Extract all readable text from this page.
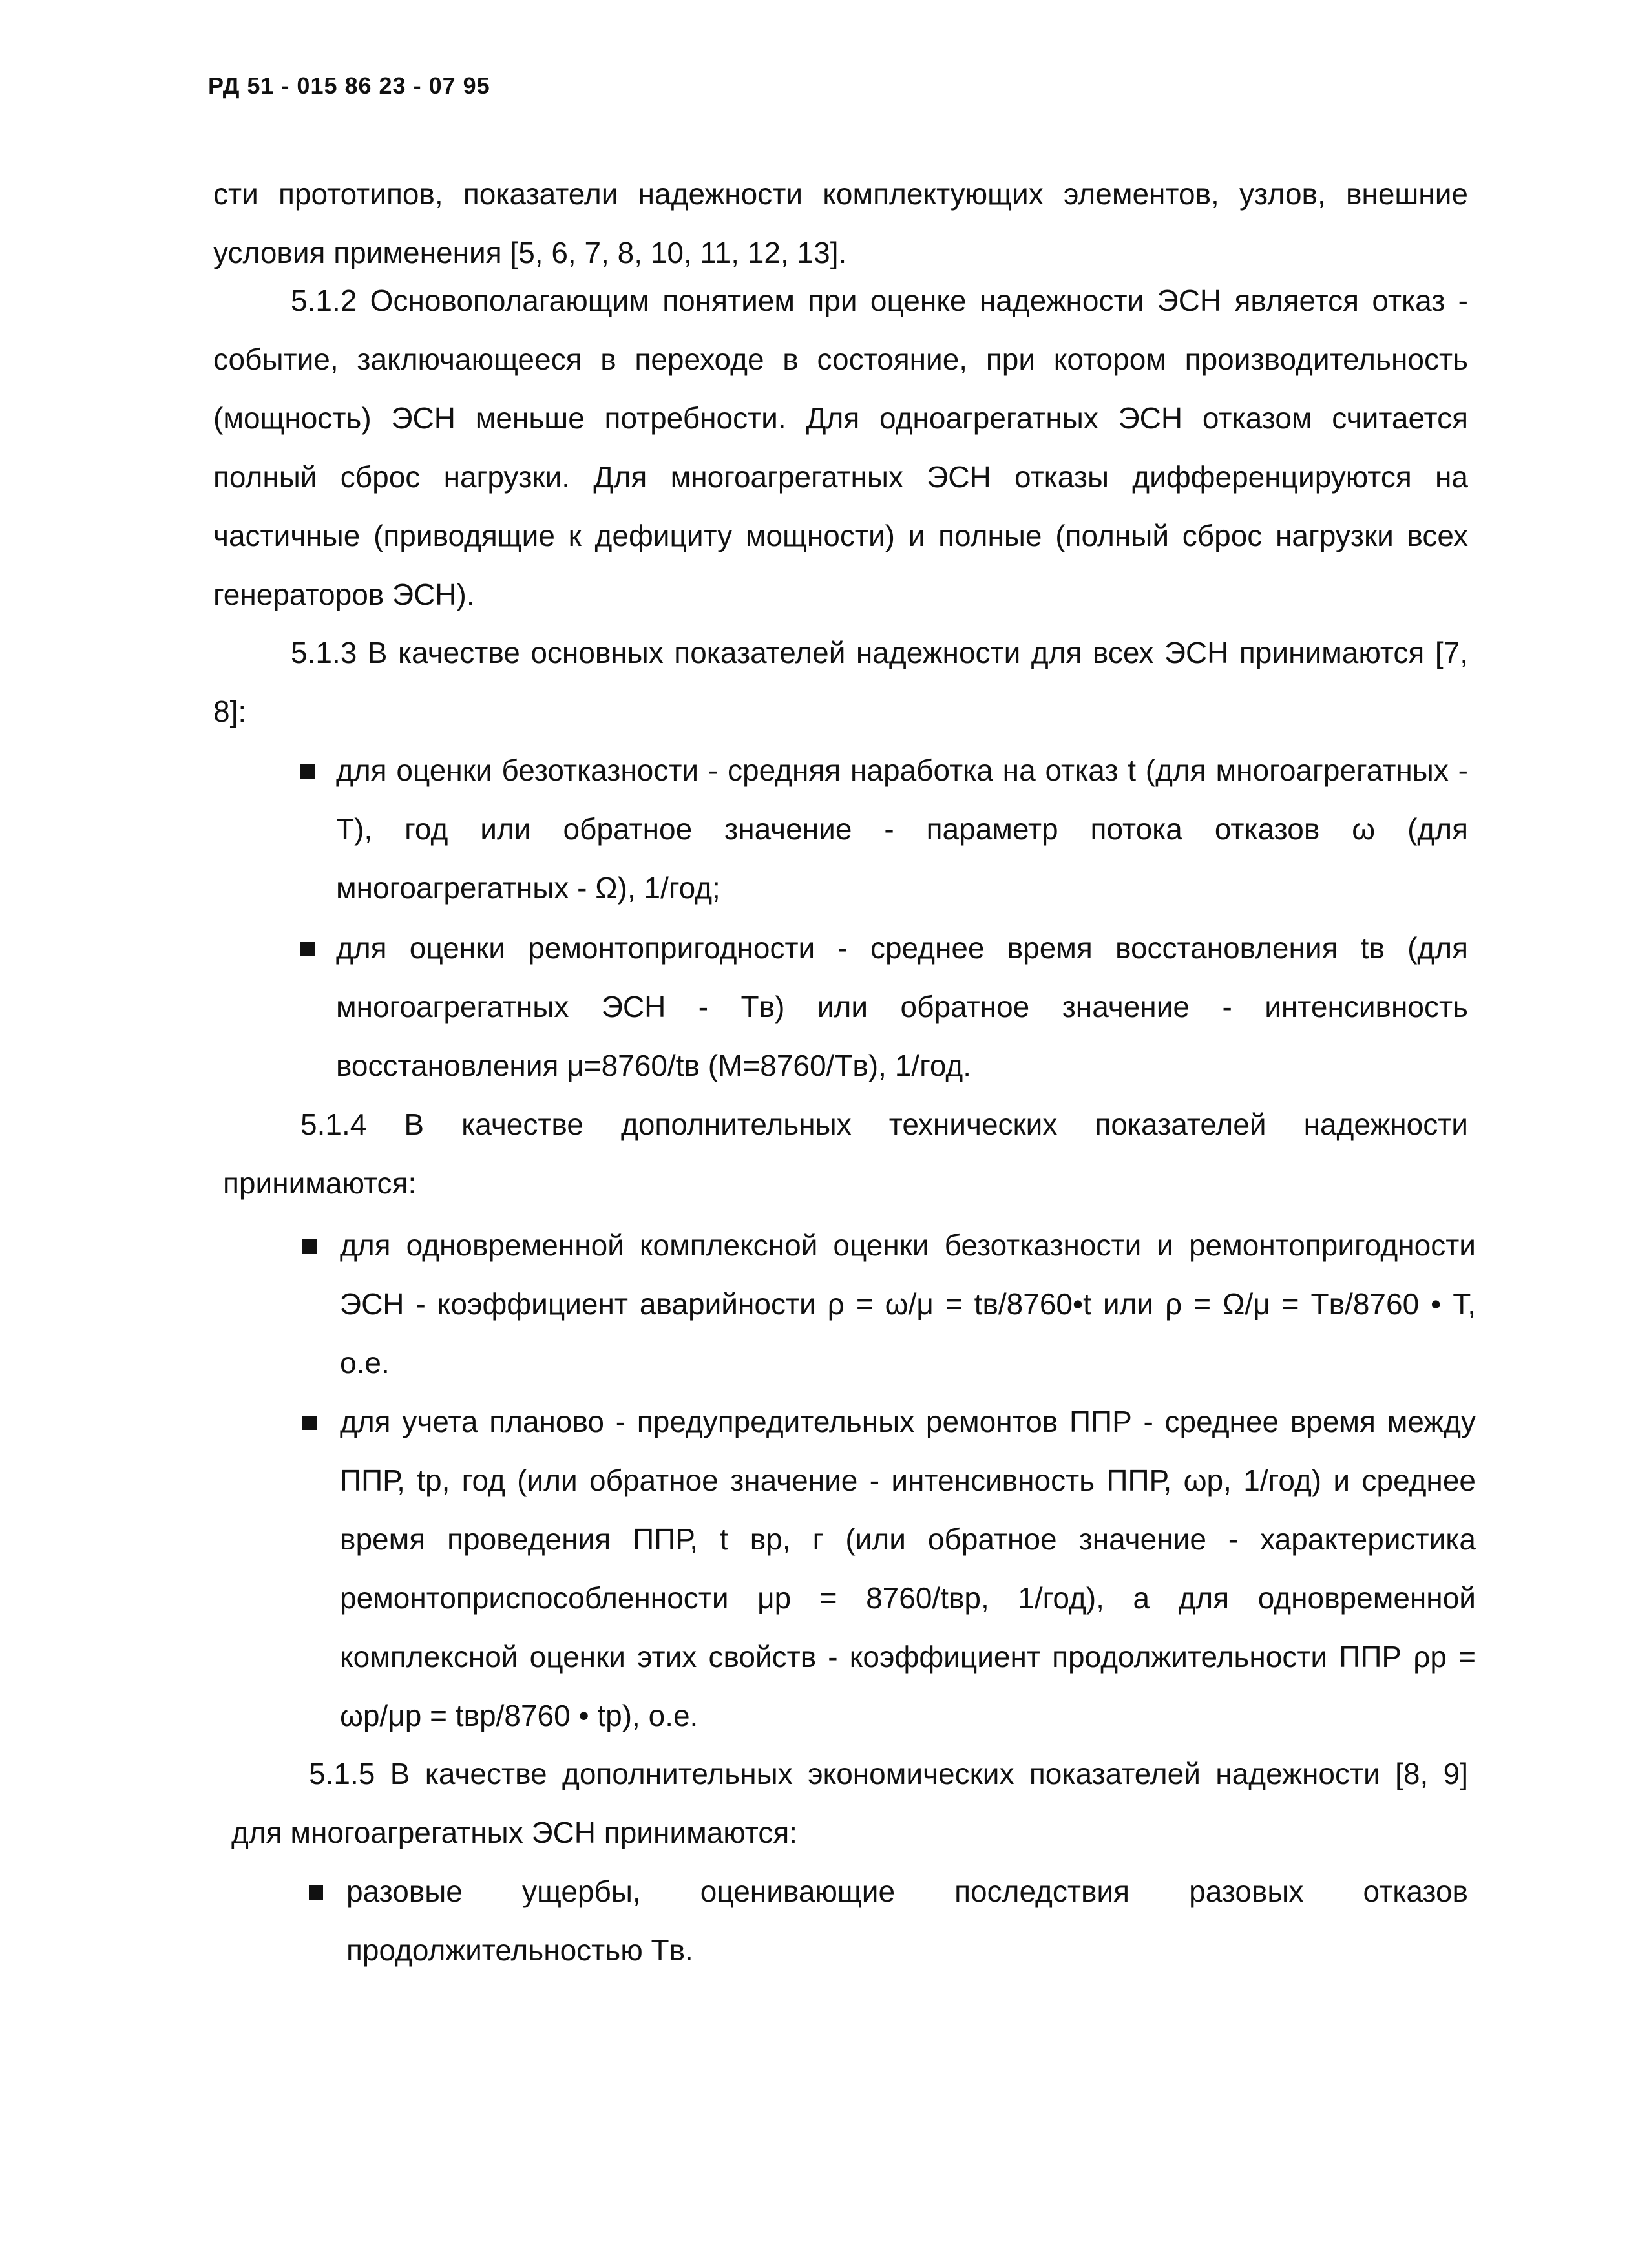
РД 51 - 015 86 23 - 07 95

сти прототипов, показатели надежности комплектующих элементов, узлов, внешние условия применения [5, 6, 7, 8, 10, 11, 12, 13].

5.1.2 Основополагающим понятием при оценке надежности ЭСН является отказ - событие, заключающееся в переходе в состояние, при котором производительность (мощность) ЭСН меньше потребности. Для одноагрегатных ЭСН отказом считается полный сброс нагрузки. Для многоагрегатных ЭСН отказы дифференцируются на частичные (приводящие к дефициту мощности) и полные (полный сброс нагрузки всех генераторов ЭСН).

5.1.3 В качестве основных показателей надежности для всех ЭСН принимаются [7, 8]:

для оценки безотказности - средняя наработка на отказ t (для многоагрегатных - T), год или обратное значение - параметр потока отказов ω (для многоагрегатных - Ω), 1/год;

для оценки ремонтопригодности - среднее время восстановления tв (для многоагрегатных ЭСН - Tв) или обратное значение - интенсивность восстановления μ=8760/tв (M=8760/Tв), 1/год.

5.1.4 В качестве дополнительных технических показателей надежности принимаются:

для одновременной комплексной оценки безотказности и ремонтопригодности ЭСН - коэффициент аварийности ρ = ω/μ = tв/8760•t или ρ = Ω/μ = Tв/8760 • T, о.е.

для учета планово - предупредительных ремонтов ППР - среднее время между ППР, tр, год (или обратное значение - интенсивность ППР, ωр, 1/год) и среднее время проведения ППР, t вр, г (или обратное значение - характеристика ремонтоприспособленности μр = 8760/tвр, 1/год), а для одновременной комплексной оценки этих свойств - коэффициент продолжительности ППР ρр = ωр/μр = tвр/8760 • tр), о.е.

5.1.5 В качестве дополнительных экономических показателей надежности [8, 9] для многоагрегатных ЭСН принимаются:

разовые ущербы, оценивающие последствия разовых отказов продолжительностью Tв.
